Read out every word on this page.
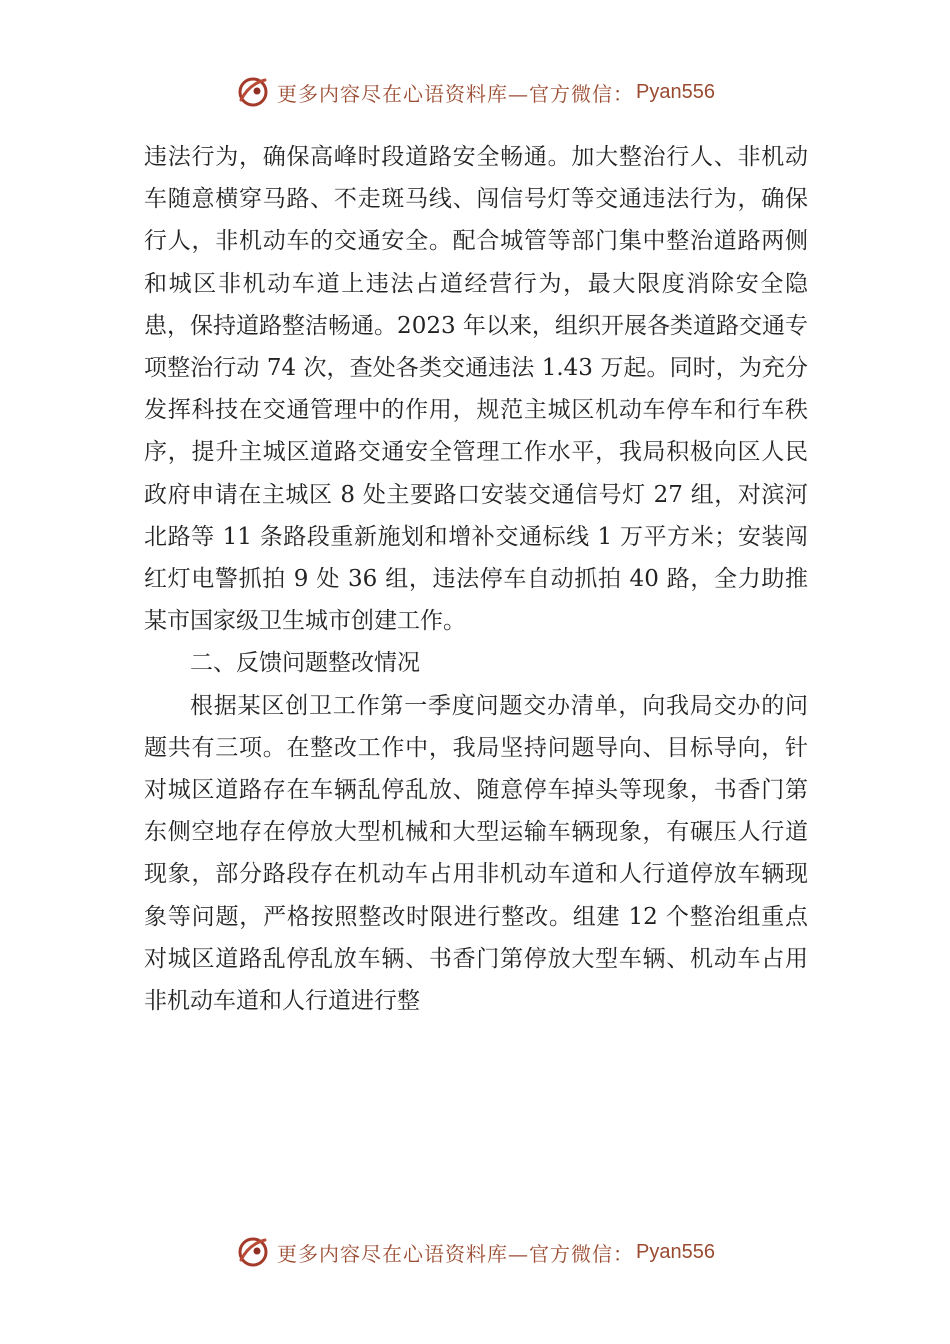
更多内容尽在心语资料库—官方微信： Pyan556

违法行为，确保高峰时段道路安全畅通。加大整治行人、非机动车随意横穿马路、不走斑马线、闯信号灯等交通违法行为，确保行人，非机动车的交通安全。配合城管等部门集中整治道路两侧和城区非机动车道上违法占道经营行为，最大限度消除安全隐患，保持道路整洁畅通。2023 年以来，组织开展各类道路交通专项整治行动 74 次，查处各类交通违法 1.43 万起。同时，为充分发挥科技在交通管理中的作用，规范主城区机动车停车和行车秩序，提升主城区道路交通安全管理工作水平，我局积极向区人民政府申请在主城区 8 处主要路口安装交通信号灯 27 组，对滨河北路等 11 条路段重新施划和增补交通标线 1 万平方米；安装闯红灯电警抓拍 9 处 36 组，违法停车自动抓拍 40 路，全力助推某市国家级卫生城市创建工作。

二、反馈问题整改情况

根据某区创卫工作第一季度问题交办清单，向我局交办的问题共有三项。在整改工作中，我局坚持问题导向、目标导向，针对城区道路存在车辆乱停乱放、随意停车掉头等现象，书香门第东侧空地存在停放大型机械和大型运输车辆现象，有碾压人行道现象，部分路段存在机动车占用非机动车道和人行道停放车辆现象等问题，严格按照整改时限进行整改。组建 12 个整治组重点对城区道路乱停乱放车辆、书香门第停放大型车辆、机动车占用非机动车道和人行道进行整

更多内容尽在心语资料库—官方微信： Pyan556
